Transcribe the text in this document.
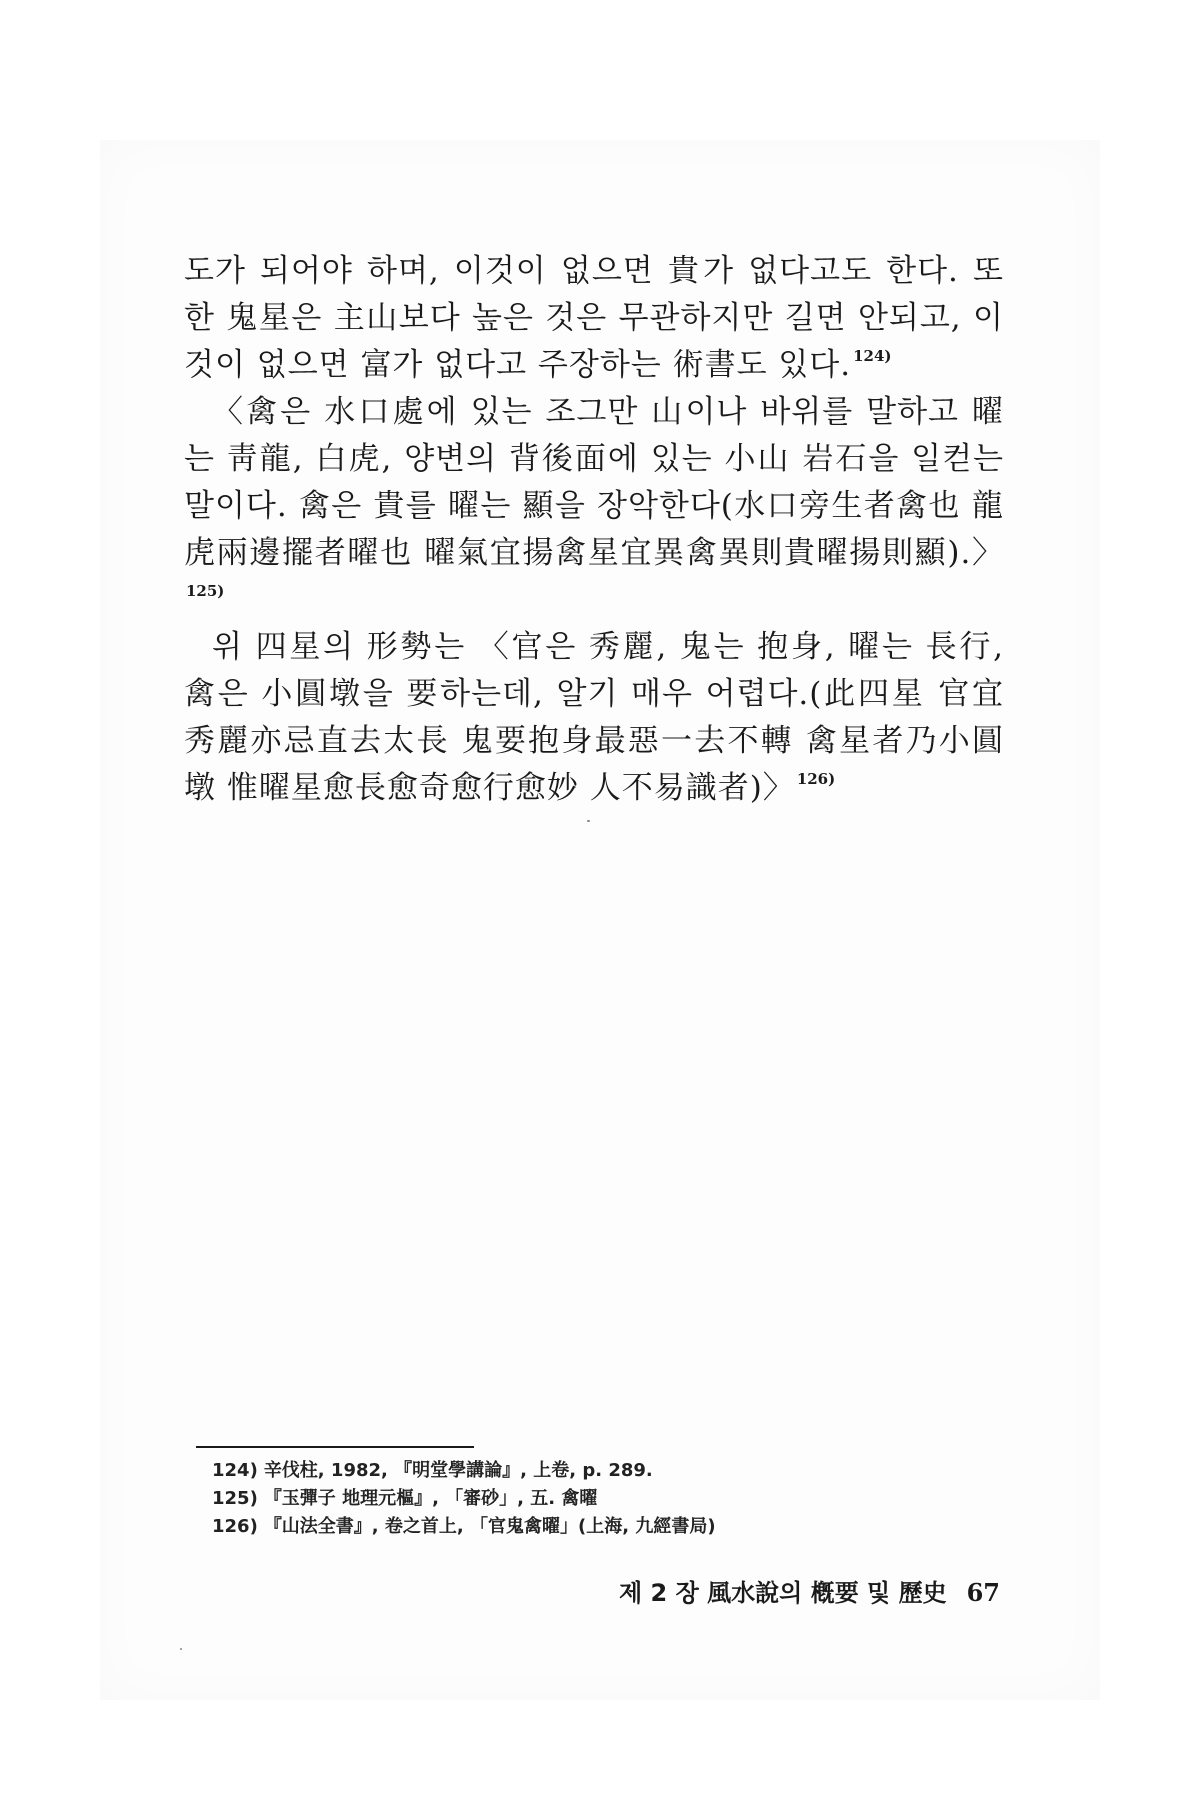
도가 되어야 하며, 이것이 없으면 貴가 없다고도 한다. 또한 鬼星은 主山보다 높은 것은 무관하지만 길면 안되고, 이것이 없으면 富가 없다고 주장하는 術書도 있다. $^{124)}$

〈禽은 水口處에 있는 조그만 山이나 바위를 말하고 曜는 靑龍, 白虎, 양변의 背後面에 있는 小山 岩石을 일컫는 말이다. 禽은 貴를 曜는 顯을 장악한다(水口旁生者禽也 龍虎兩邊擺者曜也 曜氣宜揚禽星宜異禽異則貴曜揚則顯).〉$^{125)}$

위 四星의 形勢는 〈官은 秀麗, 鬼는 抱身, 曜는 長行, 禽은 小圓墩을 要하는데, 알기 매우 어렵다.(此四星 官宜秀麗亦忌直去太長 鬼要抱身最惡一去不轉 禽星者乃小圓墩 惟曜星愈長愈奇愈行愈妙 人不易識者)〉 $^{126)}$

124) 辛伐柱, 1982, 『明堂學講論』, 上卷, p. 289.

125) 『玉彈子 地理元樞』, 「審砂」, 五. 禽曜

126) 『山法全書』, 卷之首上, 「官鬼禽曜」(上海, 九經書局)

제 2 장 風水說의 槪要 및 歷史 67
